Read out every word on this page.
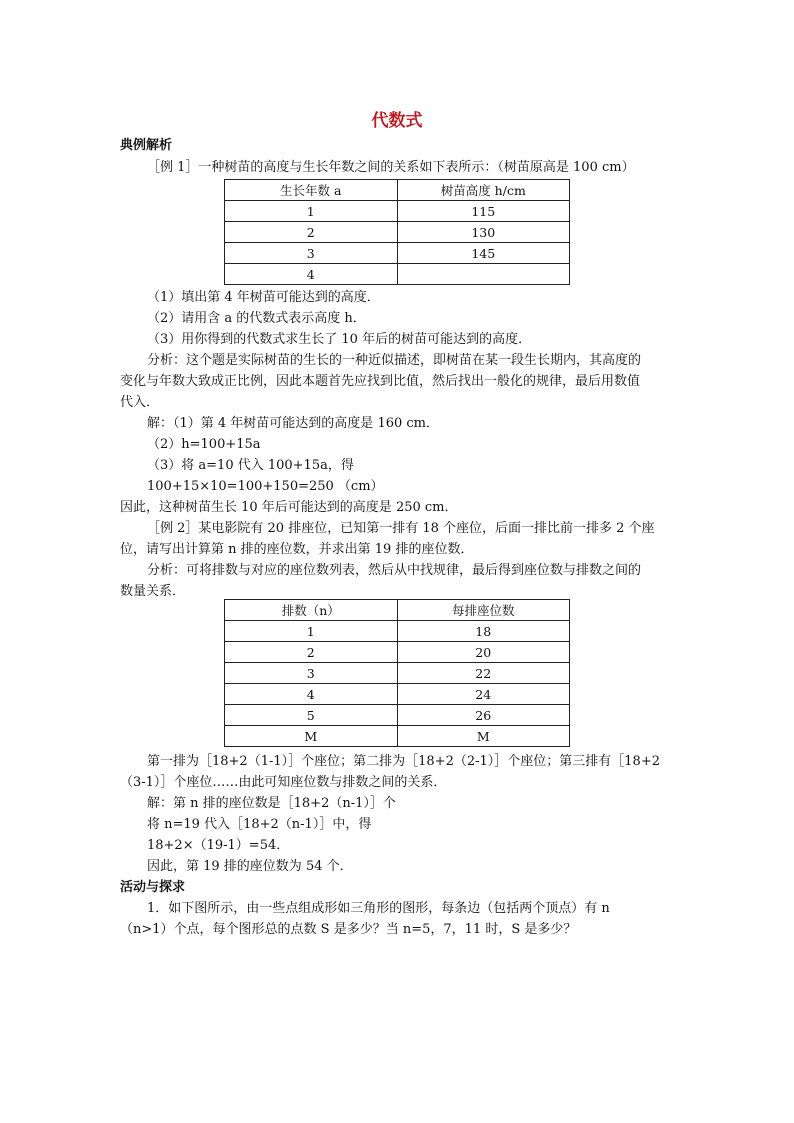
代数式
典例解析
［例 1］一种树苗的高度与生长年数之间的关系如下表所示：（树苗原高是 100 cm）
生长年数 a	树苗高度 h/cm
1	115
2	130
3	145
4	
（1）填出第 4 年树苗可能达到的高度．
（2）请用含 a 的代数式表示高度 h．
（3）用你得到的代数式求生长了 10 年后的树苗可能达到的高度．
分析：这个题是实际树苗的生长的一种近似描述，即树苗在某一段生长期内，其高度的
变化与年数大致成正比例，因此本题首先应找到比值，然后找出一般化的规律，最后用数值
代入．
解：（1）第 4 年树苗可能达到的高度是 160 cm．
（2）h=100+15a
（3）将 a=10 代入 100+15a，得
100+15×10=100+150=250 （cm）
因此，这种树苗生长 10 年后可能达到的高度是 250 cm．
［例 2］某电影院有 20 排座位，已知第一排有 18 个座位，后面一排比前一排多 2 个座
位，请写出计算第 n 排的座位数，并求出第 19 排的座位数．
分析：可将排数与对应的座位数列表，然后从中找规律，最后得到座位数与排数之间的
数量关系．
排数（n）	每排座位数
1	18
2	20
3	22
4	24
5	26
M	M
第一排为［18+2（1-1）］个座位；第二排为［18+2（2-1）］个座位；第三排有［18+2
（3-1）］个座位……由此可知座位数与排数之间的关系．
解：第 n 排的座位数是［18+2（n-1）］个
将 n=19 代入［18+2（n-1）］中，得
18+2×（19-1）=54．
因此，第 19 排的座位数为 54 个．
活动与探求
1．如下图所示，由一些点组成形如三角形的图形，每条边（包括两个顶点）有 n
（n>1）个点，每个图形总的点数 S 是多少？当 n=5，7，11 时，S 是多少？
